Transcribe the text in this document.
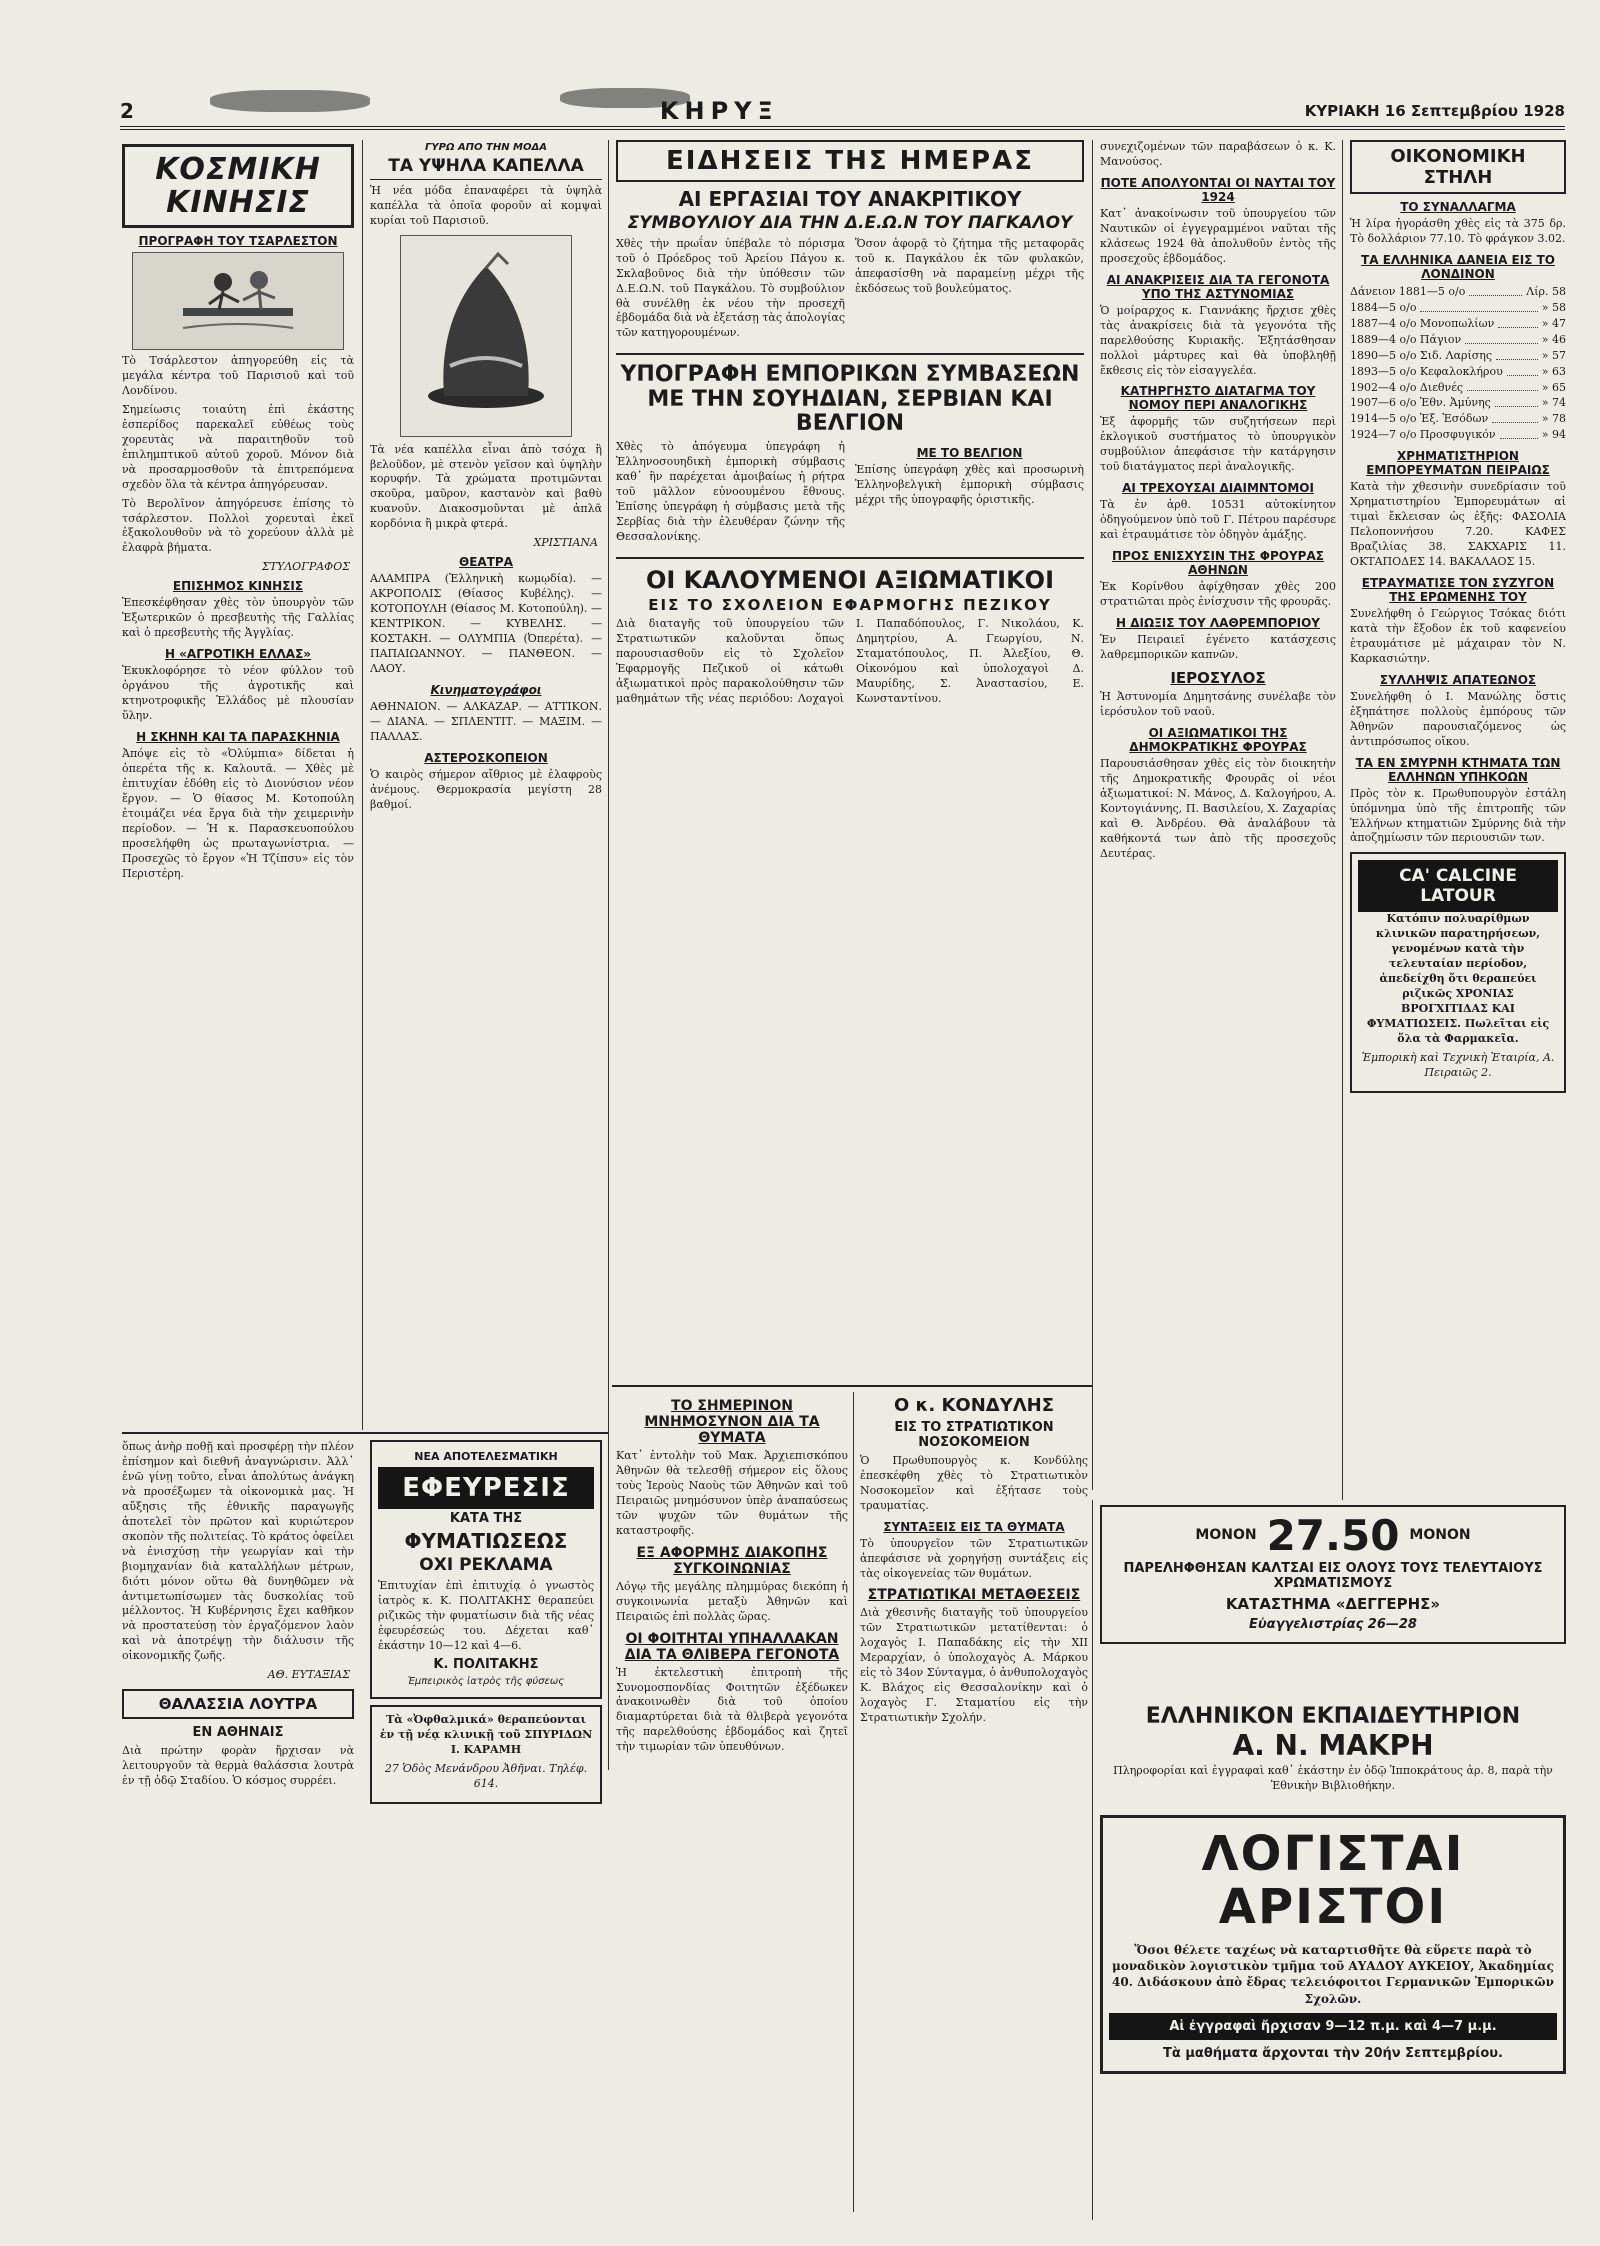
2	ΚΗΡΥΞ	ΚΥΡΙΑΚΗ 16 Σεπτεμβρίου 1928
ΚΟΣΜΙΚΗ ΚΙΝΗΣΙΣ
ΠΡΟΓΡΑΦΗ ΤΟΥ ΤΣΑΡΛΕΣΤΟΝ

Τὸ Τσάρλεστον ἀπηγορεύθη εἰς τὰ μεγάλα κέντρα τοῦ Παρισιοῦ καὶ τοῦ Λονδίνου.

Σημείωσις τοιαύτη ἐπὶ ἐκάστης ἑσπερίδος παρεκαλεῖ εὐθέως τοὺς χορευτὰς νὰ παραιτηθοῦν τοῦ ἐπιλημπτικοῦ αὐτοῦ χοροῦ. Μόνον διὰ νὰ προσαρμοσθοῦν τὰ ἐπιτρεπόμενα σχεδὸν ὅλα τὰ κέντρα ἀπηγόρευσαν.

Τὸ Βερολῖνον ἀπηγόρευσε ἐπίσης τὸ τσάρλεστον. Πολλοὶ χορευταὶ ἐκεῖ ἐξακολουθοῦν νὰ τὸ χορεύουν ἀλλὰ μὲ ἐλαφρὰ βήματα.

ΣΤΥΛΟΓΡΑΦΟΣ
ΕΠΙΣΗΜΟΣ ΚΙΝΗΣΙΣ

Ἐπεσκέφθησαν χθὲς τὸν ὑπουργὸν τῶν Ἐξωτερικῶν ὁ πρεσβευτὴς τῆς Γαλλίας καὶ ὁ πρεσβευτὴς τῆς Ἀγγλίας.

Η «ΑΓΡΟΤΙΚΗ ΕΛΛΑΣ»

Ἐκυκλοφόρησε τὸ νέον φύλλον τοῦ ὀργάνου τῆς ἀγροτικῆς καὶ κτηνοτροφικῆς Ἑλλάδος μὲ πλουσίαν ὕλην.

Η ΣΚΗΝΗ ΚΑΙ ΤΑ ΠΑΡΑΣΚΗΝΙΑ

Ἀπόψε εἰς τὸ «Ὀλύμπια» δίδεται ἡ ὀπερέτα τῆς κ. Καλουτᾶ. — Χθὲς μὲ ἐπιτυχίαν ἐδόθη εἰς τὸ Διονύσιον νέον ἔργον. — Ὁ θίασος Μ. Κοτοπούλη ἐτοιμάζει νέα ἔργα διὰ τὴν χειμερινὴν περίοδον. — Ἡ κ. Παρασκευοπούλου προσελήφθη ὡς πρωταγωνίστρια. — Προσεχῶς τὸ ἔργον «Ἡ Τζίπσυ» εἰς τὸν Περιστέρη.

ΓΥΡΩ ΑΠΟ ΤΗΝ ΜΟΔΑ
ΤΑ ΥΨΗΛΑ ΚΑΠΕΛΛΑ

Ἡ νέα μόδα ἐπαναφέρει τὰ ὑψηλὰ καπέλλα τὰ ὁποῖα φοροῦν αἱ κομψαὶ κυρίαι τοῦ Παρισιοῦ.

Τὰ νέα καπέλλα εἶναι ἀπὸ τσόχα ἢ βελοῦδον, μὲ στενὸν γεῖσον καὶ ὑψηλὴν κορυφήν. Τὰ χρώματα προτιμῶνται σκοῦρα, μαῦρον, καστανὸν καὶ βαθὺ κυανοῦν. Διακοσμοῦνται μὲ ἁπλᾶ κορδόνια ἢ μικρὰ φτερά.

ΧΡΙΣΤΙΑΝΑ
ΘΕΑΤΡΑ

ΑΛΑΜΠΡΑ (Ἑλληνικὴ κωμῳδία). — ΑΚΡΟΠΟΛΙΣ (Θίασος Κυβέλης). — ΚΟΤΟΠΟΥΛΗ (Θίασος Μ. Κοτοπούλη). — ΚΕΝΤΡΙΚΟΝ. — ΚΥΒΕΛΗΣ. — ΚΟΣΤΑΚΗ. — ΟΛΥΜΠΙΑ (Ὀπερέτα). — ΠΑΠΑΙΩΑΝΝΟΥ. — ΠΑΝΘΕΟΝ. — ΛΑΟΥ.

Κινηματογράφοι

ΑΘΗΝΑΙΟΝ. — ΑΛΚΑΖΑΡ. — ΑΤΤΙΚΟΝ. — ΔΙΑΝΑ. — ΣΠΛΕΝΤΙΤ. — ΜΑΞΙΜ. — ΠΑΛΛΑΣ.

ΑΣΤΕΡΟΣΚΟΠΕΙΟΝ

Ὁ καιρὸς σήμερον αἴθριος μὲ ἐλαφροὺς ἀνέμους. Θερμοκρασία μεγίστη 28 βαθμοί.

ΕΙΔΗΣΕΙΣ ΤΗΣ ΗΜΕΡΑΣ
ΑΙ ΕΡΓΑΣΙΑΙ ΤΟΥ ΑΝΑΚΡΙΤΙΚΟΥ
ΣΥΜΒΟΥΛΙΟΥ ΔΙΑ ΤΗΝ Δ.Ε.Ω.Ν ΤΟΥ ΠΑΓΚΑΛΟΥ

Χθὲς τὴν πρωΐαν ὑπέβαλε τὸ πόρισμα τοῦ ὁ Πρόεδρος τοῦ Ἀρείου Πάγου κ. Σκλαβοῦνος διὰ τὴν ὑπόθεσιν τῶν Δ.Ε.Ω.Ν. τοῦ Παγκάλου. Τὸ συμβούλιον θὰ συνέλθῃ ἐκ νέου τὴν προσεχῆ ἑβδομάδα διὰ νὰ ἐξετάσῃ τὰς ἀπολογίας τῶν κατηγορουμένων.

Ὅσον ἀφορᾷ τὸ ζήτημα τῆς μεταφορᾶς τοῦ κ. Παγκάλου ἐκ τῶν φυλακῶν, ἀπεφασίσθη νὰ παραμείνῃ μέχρι τῆς ἐκδόσεως τοῦ βουλεύματος.

ΥΠΟΓΡΑΦΗ ΕΜΠΟΡΙΚΩΝ ΣΥΜΒΑΣΕΩΝ ΜΕ ΤΗΝ ΣΟΥΗΔΙΑΝ, ΣΕΡΒΙΑΝ ΚΑΙ ΒΕΛΓΙΟΝ

Χθὲς τὸ ἀπόγευμα ὑπεγράφη ἡ Ἑλληνοσουηδικὴ ἐμπορικὴ σύμβασις καθ᾽ ἣν παρέχεται ἀμοιβαίως ἡ ρήτρα τοῦ μᾶλλον εὐνοουμένου ἔθνους. Ἐπίσης ὑπεγράφη ἡ σύμβασις μετὰ τῆς Σερβίας διὰ τὴν ἐλευθέραν ζώνην τῆς Θεσσαλονίκης.

ΜΕ ΤΟ ΒΕΛΓΙΟΝ

Ἐπίσης ὑπεγράφη χθὲς καὶ προσωρινὴ Ἑλληνοβελγικὴ ἐμπορικὴ σύμβασις μέχρι τῆς ὑπογραφῆς ὁριστικῆς.

ΟΙ ΚΑΛΟΥΜΕΝΟΙ ΑΞΙΩΜΑΤΙΚΟΙ
ΕΙΣ ΤΟ ΣΧΟΛΕΙΟΝ ΕΦΑΡΜΟΓΗΣ ΠΕΖΙΚΟΥ

Διὰ διαταγῆς τοῦ ὑπουργείου τῶν Στρατιωτικῶν καλοῦνται ὅπως παρουσιασθοῦν εἰς τὸ Σχολεῖον Ἐφαρμογῆς Πεζικοῦ οἱ κάτωθι ἀξιωματικοὶ πρὸς παρακολούθησιν τῶν μαθημάτων τῆς νέας περιόδου: Λοχαγοὶ Ι. Παπαδόπουλος, Γ. Νικολάου, Κ. Δημητρίου, Α. Γεωργίου, Ν. Σταματόπουλος, Π. Ἀλεξίου, Θ. Οἰκονόμου καὶ ὑπολοχαγοὶ Δ. Μαυρίδης, Σ. Ἀναστασίου, Ε. Κωνσταντίνου.

συνεχιζομένων τῶν παραβάσεων ὁ κ. Κ. Μανούσος.

ΠΟΤΕ ΑΠΟΛΥΟΝΤΑΙ ΟΙ ΝΑΥΤΑΙ ΤΟΥ 1924

Κατ᾽ ἀνακοίνωσιν τοῦ ὑπουργείου τῶν Ναυτικῶν οἱ ἐγγεγραμμένοι ναῦται τῆς κλάσεως 1924 θὰ ἀπολυθοῦν ἐντὸς τῆς προσεχοῦς ἑβδομάδος.

ΑΙ ΑΝΑΚΡΙΣΕΙΣ ΔΙΑ ΤΑ ΓΕΓΟΝΟΤΑ ΥΠΟ ΤΗΣ ΑΣΤΥΝΟΜΙΑΣ

Ὁ μοίραρχος κ. Γιαννάκης ἤρχισε χθὲς τὰς ἀνακρίσεις διὰ τὰ γεγονότα τῆς παρελθούσης Κυριακῆς. Ἐξητάσθησαν πολλοὶ μάρτυρες καὶ θὰ ὑποβληθῇ ἔκθεσις εἰς τὸν εἰσαγγελέα.

ΚΑΤΗΡΓΗΣΤΟ ΔΙΑΤΑΓΜΑ ΤΟΥ ΝΟΜΟΥ ΠΕΡΙ ΑΝΑΛΟΓΙΚΗΣ

Ἐξ ἀφορμῆς τῶν συζητήσεων περὶ ἐκλογικοῦ συστήματος τὸ ὑπουργικὸν συμβούλιον ἀπεφάσισε τὴν κατάργησιν τοῦ διατάγματος περὶ ἀναλογικῆς.

ΑΙ ΤΡΕΧΟΥΣΑΙ ΔΙΑΙΜΝΤΟΜΟΙ

Τὰ ἐν ἀρθ. 10531 αὐτοκίνητον ὁδηγούμενον ὑπὸ τοῦ Γ. Πέτρου παρέσυρε καὶ ἐτραυμάτισε τὸν ὁδηγὸν ἁμάξης.

ΠΡΟΣ ΕΝΙΣΧΥΣΙΝ ΤΗΣ ΦΡΟΥΡΑΣ ΑΘΗΝΩΝ

Ἐκ Κορίνθου ἀφίχθησαν χθὲς 200 στρατιῶται πρὸς ἐνίσχυσιν τῆς φρουρᾶς.

Η ΔΙΩΞΙΣ ΤΟΥ ΛΑΘΡΕΜΠΟΡΙΟΥ

Ἐν Πειραιεῖ ἐγένετο κατάσχεσις λαθρεμπορικῶν καπνῶν.

ΙΕΡΟΣΥΛΟΣ

Ἡ Ἀστυνομία Δημητσάνης συνέλαβε τὸν ἱερόσυλον τοῦ ναοῦ.

ΟΙ ΑΞΙΩΜΑΤΙΚΟΙ ΤΗΣ ΔΗΜΟΚΡΑΤΙΚΗΣ ΦΡΟΥΡΑΣ

Παρουσιάσθησαν χθὲς εἰς τὸν διοικητὴν τῆς Δημοκρατικῆς Φρουρᾶς οἱ νέοι ἀξιωματικοί: Ν. Μάνος, Δ. Καλογήρου, Α. Κοντογιάννης, Π. Βασιλείου, Χ. Ζαχαρίας καὶ Θ. Ἀνδρέου. Θὰ ἀναλάβουν τὰ καθήκοντά των ἀπὸ τῆς προσεχοῦς Δευτέρας.

ΟΙΚΟΝΟΜΙΚΗ ΣΤΗΛΗ
ΤΟ ΣΥΝΑΛΛΑΓΜΑ

Ἡ λίρα ἠγοράσθη χθὲς εἰς τὰ 375 δρ. Τὸ δολλάριον 77.10. Τὸ φράγκον 3.02.

ΤΑ ΕΛΛΗΝΙΚΑ ΔΑΝΕΙΑ ΕΙΣ ΤΟ ΛΟΝΔΙΝΟΝ
Δάνειον 1881—5 ο/ο	Λίρ. 58
1884—5 ο/ο	» 58
1887—4 ο/ο Μονοπωλίων	» 47
1889—4 ο/ο Πάγιον	» 46
1890—5 ο/ο Σιδ. Λαρίσης	» 57
1893—5 ο/ο Κεφαλοκλήρου	» 63
1902—4 ο/ο Διεθνές	» 65
1907—6 ο/ο Ἐθν. Ἀμύνης	» 74
1914—5 ο/ο Ἐξ. Ἐσόδων	» 78
1924—7 ο/ο Προσφυγικόν	» 94
ΧΡΗΜΑΤΙΣΤΗΡΙΟΝ ΕΜΠΟΡΕΥΜΑΤΩΝ ΠΕΙΡΑΙΩΣ

Κατὰ τὴν χθεσινὴν συνεδρίασιν τοῦ Χρηματιστηρίου Ἐμπορευμάτων αἱ τιμαὶ ἔκλεισαν ὡς ἑξῆς: ΦΑΣΟΛΙΑ Πελοποννήσου 7.20. ΚΑΦΕΣ Βραζιλίας 38. ΣΑΚΧΑΡΙΣ 11. ΟΚΤΑΠΟΔΕΣ 14. ΒΑΚΑΛΑΟΣ 15.

ΕΤΡΑΥΜΑΤΙΣΕ ΤΟΝ ΣΥΖΥΓΟΝ ΤΗΣ ΕΡΩΜΕΝΗΣ ΤΟΥ

Συνελήφθη ὁ Γεώργιος Τσόκας διότι κατὰ τὴν ἔξοδον ἐκ τοῦ καφενείου ἐτραυμάτισε μὲ μάχαιραν τὸν Ν. Καρκασιώτην.

ΣΥΛΛΗΨΙΣ ΑΠΑΤΕΩΝΟΣ

Συνελήφθη ὁ Ι. Μανώλης ὅστις ἐξηπάτησε πολλοὺς ἐμπόρους τῶν Ἀθηνῶν παρουσιαζόμενος ὡς ἀντιπρόσωπος οἴκου.

ΤΑ ΕΝ ΣΜΥΡΝΗ ΚΤΗΜΑΤΑ ΤΩΝ ΕΛΛΗΝΩΝ ΥΠΗΚΟΩΝ

Πρὸς τὸν κ. Πρωθυπουργὸν ἐστάλη ὑπόμνημα ὑπὸ τῆς ἐπιτροπῆς τῶν Ἑλλήνων κτηματιῶν Σμύρνης διὰ τὴν ἀποζημίωσιν τῶν περιουσιῶν των.

CA' CALCINE LATOUR

Κατόπιν πολυαρίθμων κλινικῶν παρατηρήσεων, γενομένων κατὰ τὴν τελευταίαν περίοδον, ἀπεδείχθη ὅτι θεραπεύει ριζικῶς ΧΡΟΝΙΑΣ ΒΡΟΓΧΙΤΙΔΑΣ ΚΑΙ ΦΥΜΑΤΙΩΣΕΙΣ. Πωλεῖται εἰς ὅλα τὰ Φαρμακεῖα.

Ἐμπορικὴ καὶ Τεχνικὴ Ἑταιρία, Α. Πειραιῶς 2.

ὅπως ἀνὴρ ποθῇ καὶ προσφέρῃ τὴν πλέον ἐπίσημον καὶ διεθνῆ ἀναγνώρισιν. Ἀλλ᾽ ἐνῶ γίνῃ τοῦτο, εἶναι ἀπολύτως ἀνάγκη νὰ προσέξωμεν τὰ οἰκονομικὰ μας. Ἡ αὔξησις τῆς ἐθνικῆς παραγωγῆς ἀποτελεῖ τὸν πρῶτον καὶ κυριώτερον σκοπὸν τῆς πολιτείας. Τὸ κράτος ὀφείλει νὰ ἐνισχύσῃ τὴν γεωργίαν καὶ τὴν βιομηχανίαν διὰ καταλλήλων μέτρων, διότι μόνον οὕτω θὰ δυνηθῶμεν νὰ ἀντιμετωπίσωμεν τὰς δυσκολίας τοῦ μέλλοντος. Ἡ Κυβέρνησις ἔχει καθῆκον νὰ προστατεύσῃ τὸν ἐργαζόμενον λαὸν καὶ νὰ ἀποτρέψῃ τὴν διάλυσιν τῆς οἰκονομικῆς ζωῆς.

ΑΘ. ΕΥΤΑΞΙΑΣ
ΘΑΛΑΣΣΙΑ ΛΟΥΤΡΑ
ΕΝ ΑΘΗΝΑΙΣ

Διὰ πρώτην φορὰν ἤρχισαν νὰ λειτουργοῦν τὰ θερμὰ θαλάσσια λουτρὰ ἐν τῇ ὁδῷ Σταδίου. Ὁ κόσμος συρρέει.

ΝΕΑ ΑΠΟΤΕΛΕΣΜΑΤΙΚΗ
ΕΦΕΥΡΕΣΙΣ
ΚΑΤΑ ΤΗΣ
ΦΥΜΑΤΙΩΣΕΩΣ
ΟΧΙ ΡΕΚΛΑΜΑ

Ἐπιτυχίαν ἐπὶ ἐπιτυχίᾳ ὁ γνωστὸς ἰατρὸς κ. Κ. ΠΟΛΙΤΑΚΗΣ θεραπεύει ριζικῶς τὴν φυματίωσιν διὰ τῆς νέας ἐφευρέσεώς του. Δέχεται καθ᾽ ἑκάστην 10—12 καὶ 4—6.

Κ. ΠΟΛΙΤΑΚΗΣ
Ἐμπειρικὸς ἰατρὸς τῆς φύσεως

Τὰ «Ὀφθαλμικά» θεραπεύονται ἐν τῇ νέᾳ κλινικῇ τοῦ ΣΠΥΡΙΔΩΝ Ι. ΚΑΡΑΜΗ

27 Ὁδὸς Μενάνδρου Ἀθῆναι. Τηλέφ. 614.

ΤΟ ΣΗΜΕΡΙΝΟΝ ΜΝΗΜΟΣΥΝΟΝ ΔΙΑ ΤΑ ΘΥΜΑΤΑ

Κατ᾽ ἐντολὴν τοῦ Μακ. Ἀρχιεπισκόπου Ἀθηνῶν θὰ τελεσθῇ σήμερον εἰς ὅλους τοὺς Ἱεροὺς Ναοὺς τῶν Ἀθηνῶν καὶ τοῦ Πειραιῶς μνημόσυνον ὑπὲρ ἀναπαύσεως τῶν ψυχῶν τῶν θυμάτων τῆς καταστροφῆς.

ΕΞ ΑΦΟΡΜΗΣ ΔΙΑΚΟΠΗΣ ΣΥΓΚΟΙΝΩΝΙΑΣ

Λόγῳ τῆς μεγάλης πλημμύρας διεκόπη ἡ συγκοινωνία μεταξὺ Ἀθηνῶν καὶ Πειραιῶς ἐπὶ πολλὰς ὥρας.

ΟΙ ΦΟΙΤΗΤΑΙ ΥΠΗΑΛΛΑΚΑΝ ΔΙΑ ΤΑ ΘΛΙΒΕΡΑ ΓΕΓΟΝΟΤΑ

Ἡ ἐκτελεστικὴ ἐπιτροπὴ τῆς Συνομοσπονδίας Φοιτητῶν ἐξέδωκεν ἀνακοινωθὲν διὰ τοῦ ὁποίου διαμαρτύρεται διὰ τὰ θλιβερὰ γεγονότα τῆς παρελθούσης ἑβδομάδος καὶ ζητεῖ τὴν τιμωρίαν τῶν ὑπευθύνων.

Ο κ. ΚΟΝΔΥΛΗΣ
ΕΙΣ ΤΟ ΣΤΡΑΤΙΩΤΙΚΟΝ ΝΟΣΟΚΟΜΕΙΟΝ

Ὁ Πρωθυπουργὸς κ. Κονδύλης ἐπεσκέφθη χθὲς τὸ Στρατιωτικὸν Νοσοκομεῖον καὶ ἐξήτασε τοὺς τραυματίας.

ΣΥΝΤΑΞΕΙΣ ΕΙΣ ΤΑ ΘΥΜΑΤΑ

Τὸ ὑπουργεῖον τῶν Στρατιωτικῶν ἀπεφάσισε νὰ χορηγήσῃ συντάξεις εἰς τὰς οἰκογενείας τῶν θυμάτων.

ΣΤΡΑΤΙΩΤΙΚΑΙ ΜΕΤΑΘΕΣΕΙΣ

Διὰ χθεσινῆς διαταγῆς τοῦ ὑπουργείου τῶν Στρατιωτικῶν μετατίθενται: ὁ λοχαγὸς Ι. Παπαδάκης εἰς τὴν ΧΙΙ Μεραρχίαν, ὁ ὑπολοχαγὸς Α. Μάρκου εἰς τὸ 34ον Σύνταγμα, ὁ ἀνθυπολοχαγὸς Κ. Βλάχος εἰς Θεσσαλονίκην καὶ ὁ λοχαγὸς Γ. Σταματίου εἰς τὴν Στρατιωτικὴν Σχολήν.

ΜΟΝΟΝ 27.50 ΜΟΝΟΝ
ΠΑΡΕΛΗΦΘΗΣΑΝ ΚΑΛΤΣΑΙ ΕΙΣ ΟΛΟΥΣ ΤΟΥΣ ΤΕΛΕΥΤΑΙΟΥΣ ΧΡΩΜΑΤΙΣΜΟΥΣ
ΚΑΤΑΣΤΗΜΑ «ΔΕΓΓΕΡΗΣ»
Εὐαγγελιστρίας 26—28
ΕΛΛΗΝΙΚΟΝ ΕΚΠΑΙΔΕΥΤΗΡΙΟΝ
Α. Ν. ΜΑΚΡΗ

Πληροφορίαι καὶ ἐγγραφαὶ καθ᾽ ἑκάστην ἐν ὁδῷ Ἱπποκράτους ἀρ. 8, παρὰ τὴν Ἐθνικὴν Βιβλιοθήκην.

ΛΟΓΙΣΤΑΙ ΑΡΙΣΤΟΙ

Ὅσοι θέλετε ταχέως νὰ καταρτισθῆτε θὰ εὕρετε παρὰ τὸ μοναδικὸν λογιστικὸν τμῆμα τοῦ ΑΥΑΔΟΥ ΑΥΚΕΙΟΥ, Ἀκαδημίας 40. Διδάσκουν ἀπὸ ἔδρας τελειόφοιτοι Γερμανικῶν Ἐμπορικῶν Σχολῶν.

Αἱ ἐγγραφαὶ ἤρχισαν 9—12 π.μ. καὶ 4—7 μ.μ.
Τὰ μαθήματα ἄρχονται τὴν 20ήν Σεπτεμβρίου.
